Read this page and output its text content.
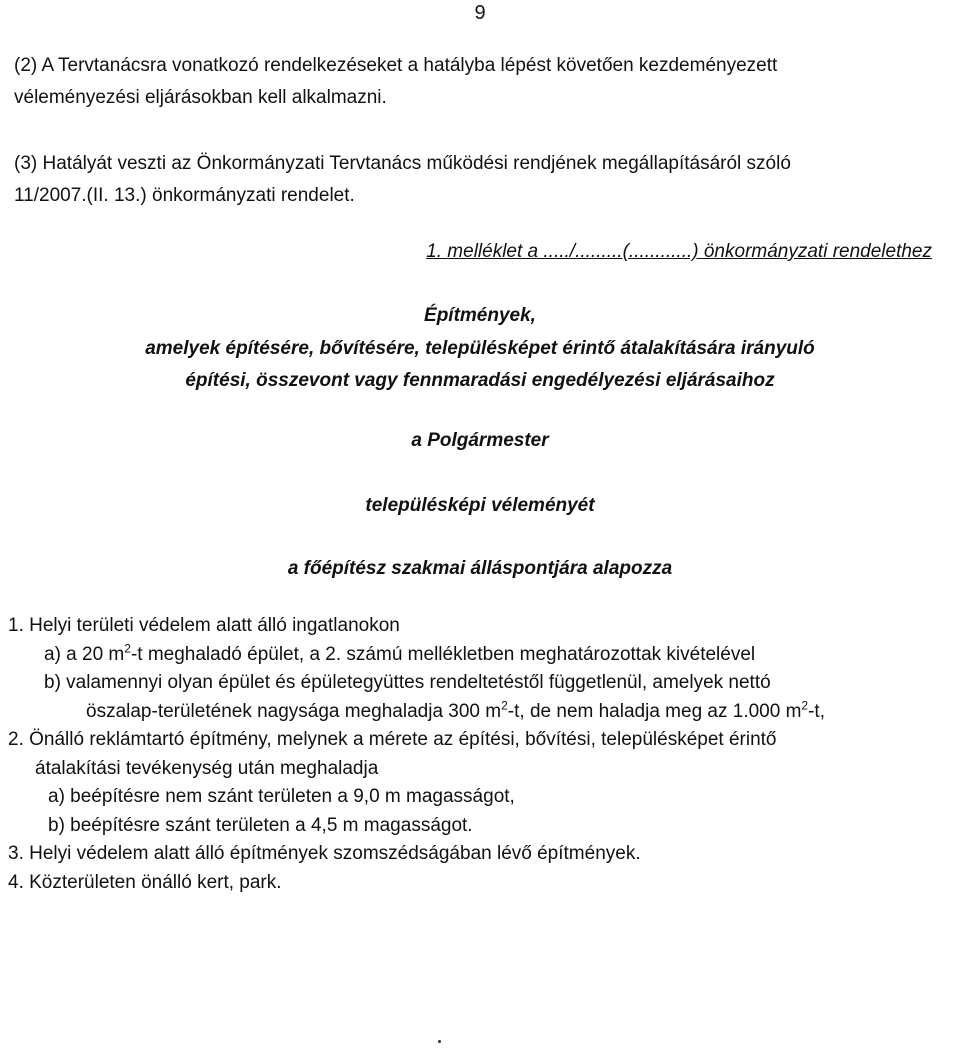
9
(2) A Tervtanácsra vonatkozó rendelkezéseket a hatályba lépést követően kezdeményezett
véleményezési eljárásokban kell alkalmazni.
(3) Hatályát veszti az Önkormányzati Tervtanács működési rendjének megállapításáról szóló
11/2007.(II. 13.) önkormányzati rendelet.
1. melléklet a ...../.........(............) önkormányzati rendelethez
Építmények,
amelyek építésére, bővítésére, településképet érintő átalakítására irányuló
építési, összevont vagy fennmaradási engedélyezési eljárásaihoz
a Polgármester
településképi véleményét
a főépítész szakmai álláspontjára alapozza

1. Helyi területi védelem alatt álló ingatlanokon

a) a 20 $m^2-t$ meghaladó épület, a 2. számú mellékletben meghatározottak kivételével

b) valamennyi olyan épület és épületegyüttes rendeltetéstől függetlenül, amelyek nettó

öszalap-területének nagysága meghaladja 300 $m^2-t$, de nem haladja meg az 1.000 $m^2-t$,

2. Önálló reklámtartó építmény, melynek a mérete az építési, bővítési, településképet érintő

átalakítási tevékenység után meghaladja

a) beépítésre nem szánt területen a 9,0 m magasságot,

b) beépítésre szánt területen a 4,5 m magasságot.

3. Helyi védelem alatt álló építmények szomszédságában lévő építmények.

4. Közterületen önálló kert, park.
